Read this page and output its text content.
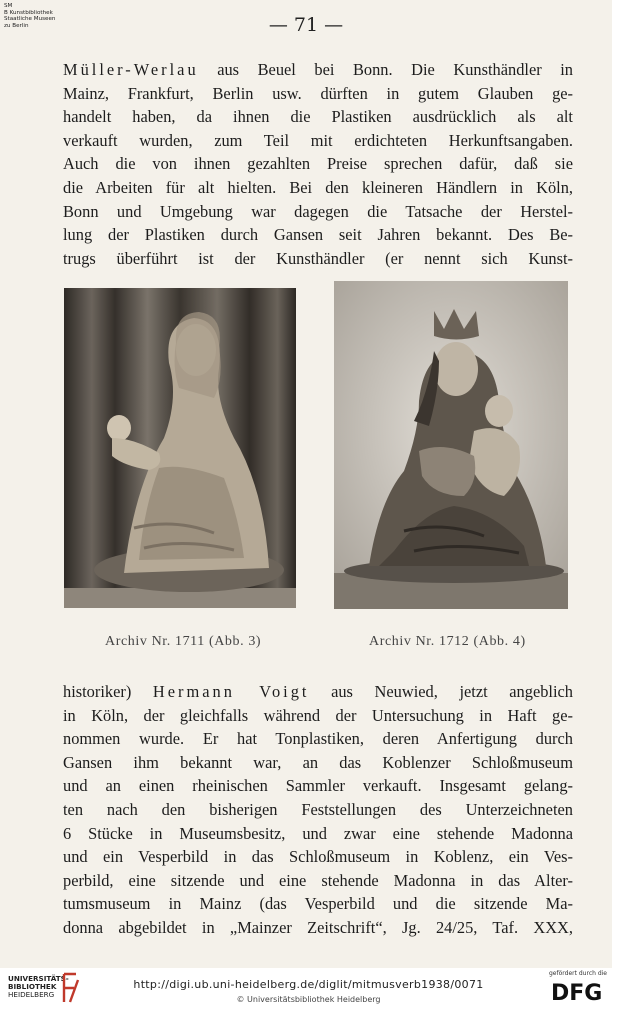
SM
B Kunstbibliothek
Staatliche Museen
zu Berlin	— 71 —
Müller-Werlau aus Beuel bei Bonn. Die Kunsthändler in
Mainz, Frankfurt, Berlin usw. dürften in gutem Glauben ge-
handelt haben, da ihnen die Plastiken ausdrücklich als alt
verkauft wurden, zum Teil mit erdichteten Herkunftsangaben.
Auch die von ihnen gezahlten Preise sprechen dafür, daß sie
die Arbeiten für alt hielten. Bei den kleineren Händlern in Köln,
Bonn und Umgebung war dagegen die Tatsache der Herstel-
lung der Plastiken durch Gansen seit Jahren bekannt. Des Be-
trugs überführt ist der Kunsthändler (er nennt sich Kunst-
Archiv Nr. 1711 (Abb. 3)	Archiv Nr. 1712 (Abb. 4)
historiker) Hermann Voigt aus Neuwied, jetzt angeblich
in Köln, der gleichfalls während der Untersuchung in Haft ge-
nommen wurde. Er hat Tonplastiken, deren Anfertigung durch
Gansen ihm bekannt war, an das Koblenzer Schloßmuseum
und an einen rheinischen Sammler verkauft. Insgesamt gelang-
ten nach den bisherigen Feststellungen des Unterzeichneten
6 Stücke in Museumsbesitz, und zwar eine stehende Madonna
und ein Vesperbild in das Schloßmuseum in Koblenz, ein Ves-
perbild, eine sitzende und eine stehende Madonna in das Alter-
tumsmuseum in Mainz (das Vesperbild und die sitzende Ma-
donna abgebildet in „Mainzer Zeitschrift“, Jg. 24/25, Taf. XXX,
UNIVERSITÄTS-
BIBLIOTHEK
HEIDELBERG
http://digi.ub.uni-heidelberg.de/diglit/mitmusverb1938/0071
© Universitätsbibliothek Heidelberg
gefördert durch die
DFG
